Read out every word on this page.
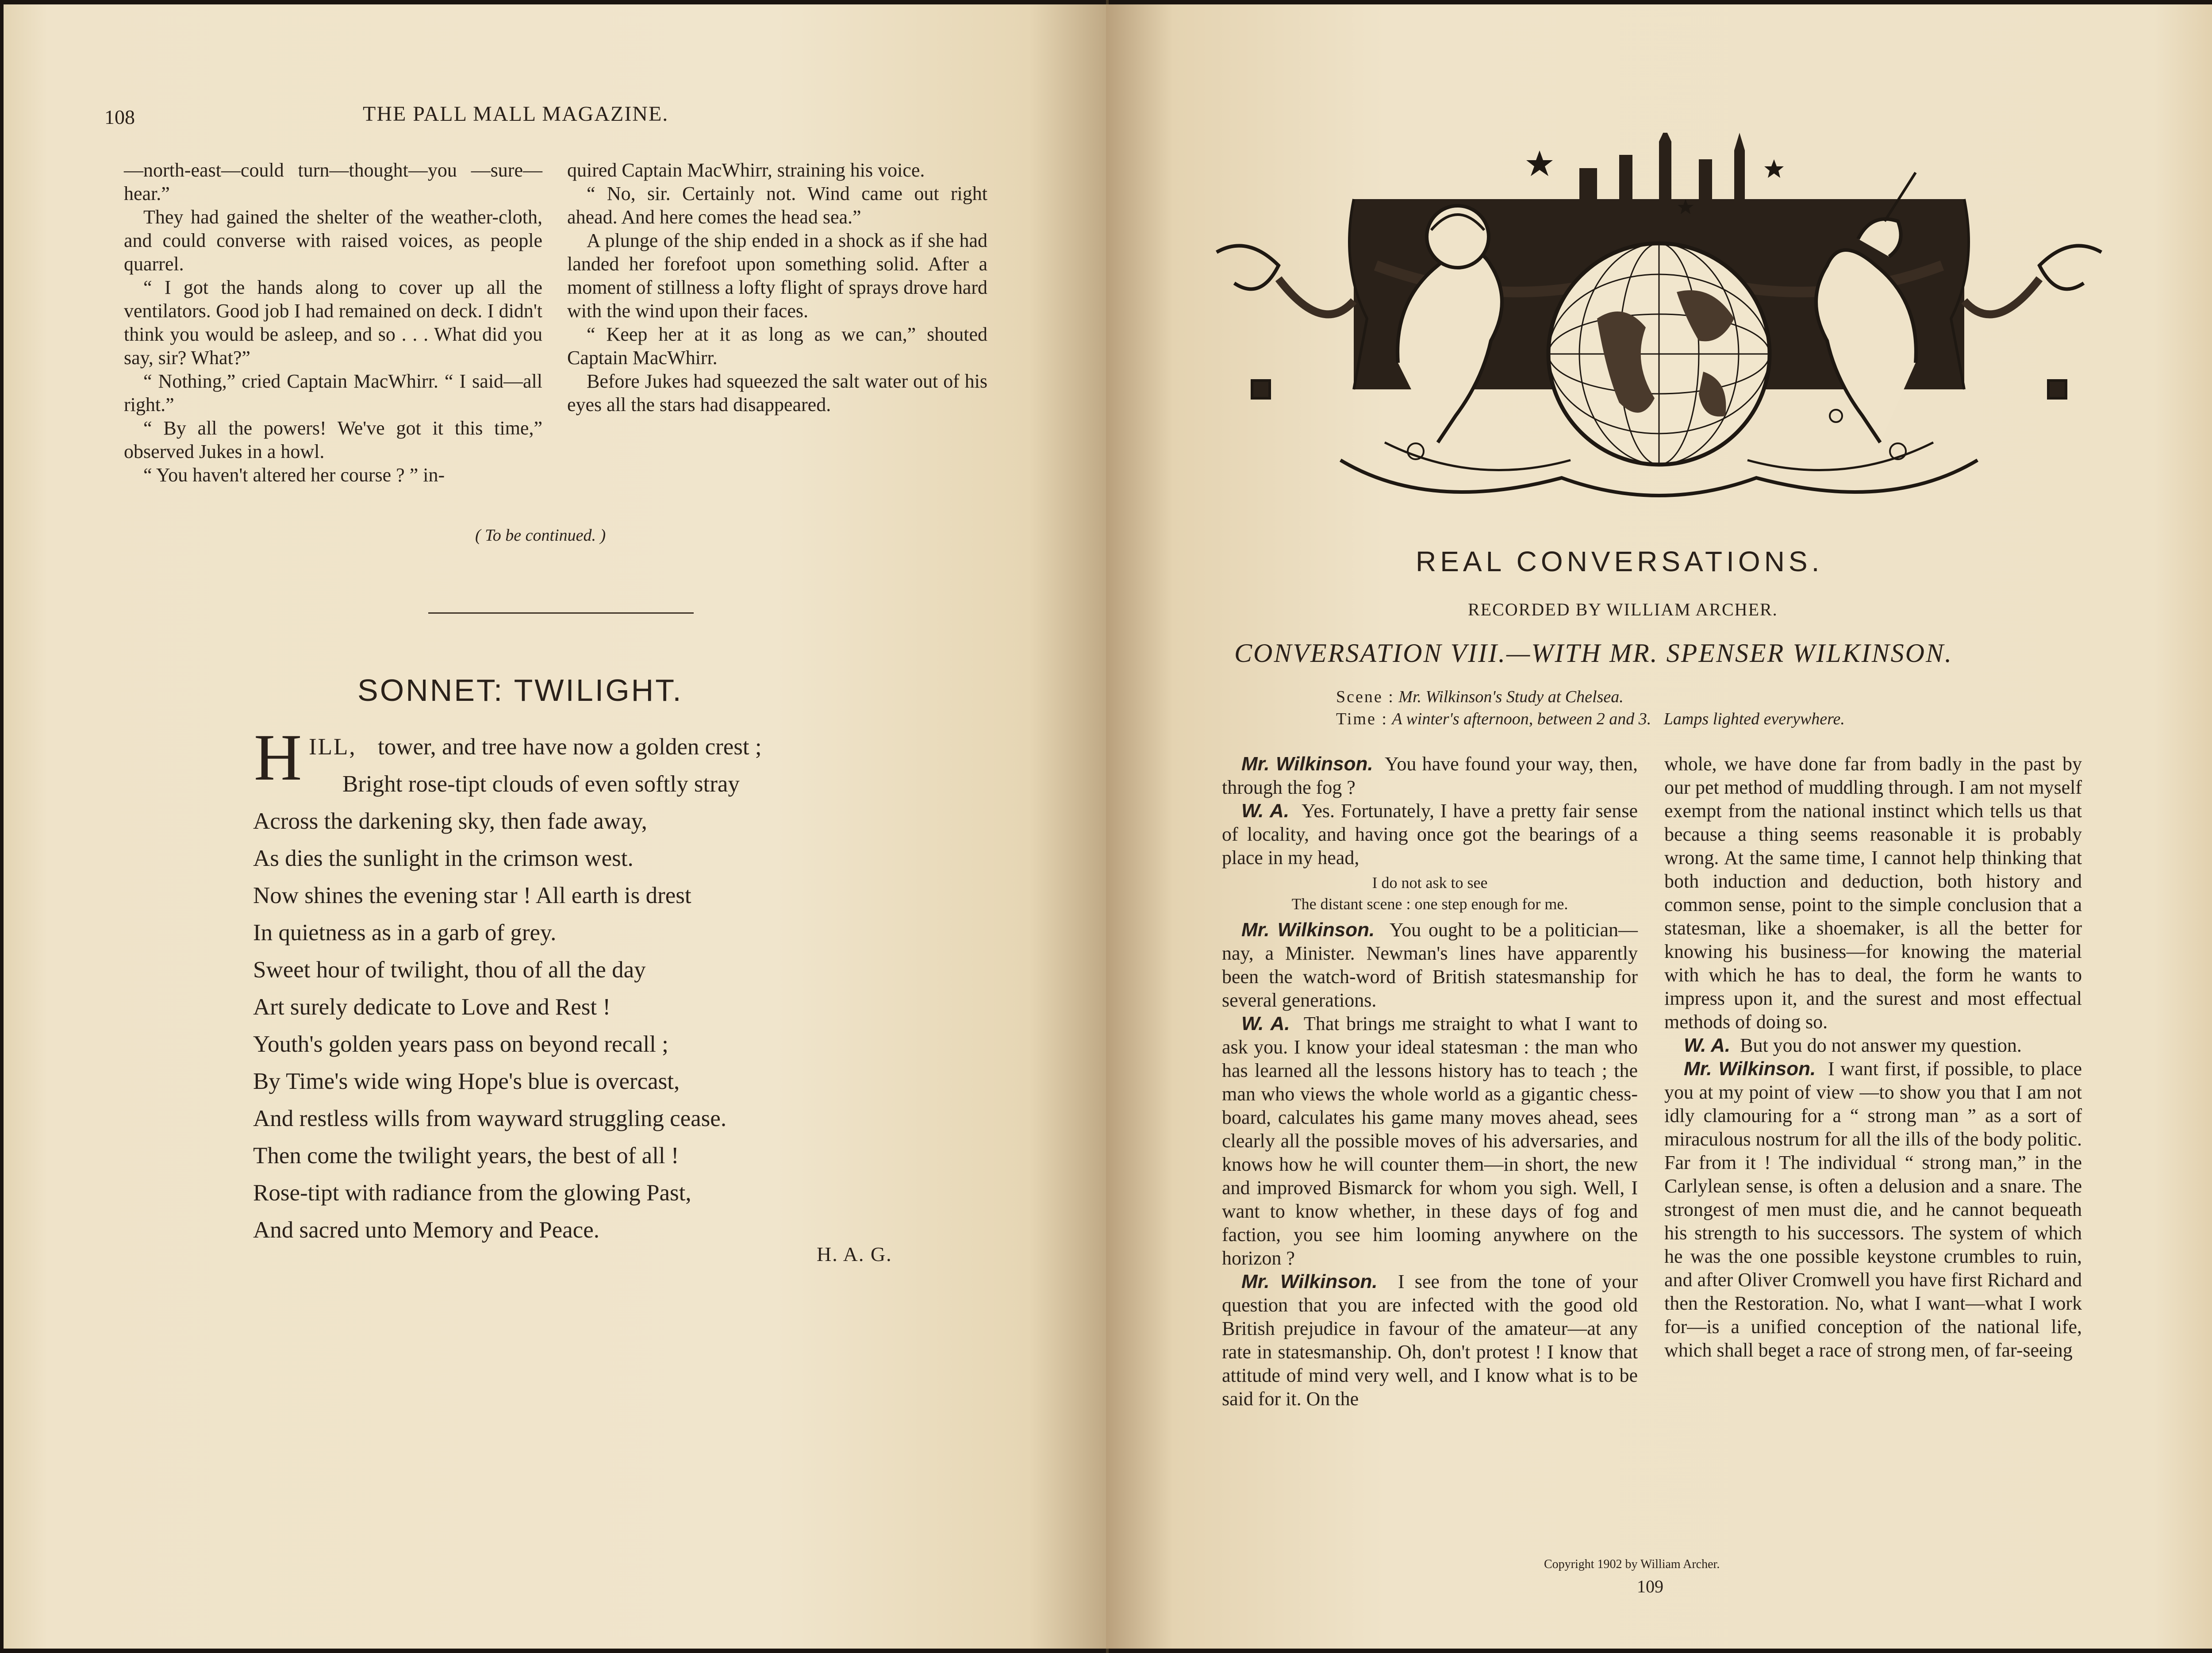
108	THE PALL MALL MAGAZINE.

—north-east—could turn—thought—you —sure—hear.”

They had gained the shelter of the weather-cloth, and could converse with raised voices, as people quarrel.

“ I got the hands along to cover up all the ventilators. Good job I had remained on deck. I didn't think you would be asleep, and so . . . What did you say, sir? What?”

“ Nothing,” cried Captain MacWhirr. “ I said—all right.”

“ By all the powers! We've got it this time,” observed Jukes in a howl.

“ You haven't altered her course ? ” in-

quired Captain MacWhirr, straining his voice.

“ No, sir. Certainly not. Wind came out right ahead. And here comes the head sea.”

A plunge of the ship ended in a shock as if she had landed her forefoot upon something solid. After a moment of stillness a lofty flight of sprays drove hard with the wind upon their faces.

“ Keep her at it as long as we can,” shouted Captain MacWhirr.

Before Jukes had squeezed the salt water out of his eyes all the stars had disappeared.

( To be continued. )
SONNET: TWILIGHT.
H ILL, tower, and tree have now a golden crest ;
Bright rose-tipt clouds of even softly stray
Across the darkening sky, then fade away,
As dies the sunlight in the crimson west.
Now shines the evening star ! All earth is drest
In quietness as in a garb of grey.
Sweet hour of twilight, thou of all the day
Art surely dedicate to Love and Rest !
Youth's golden years pass on beyond recall ;
By Time's wide wing Hope's blue is overcast,
And restless wills from wayward struggling cease.
Then come the twilight years, the best of all !
Rose-tipt with radiance from the glowing Past,
And sacred unto Memory and Peace.
H. A. G.
REAL CONVERSATIONS.
RECORDED BY WILLIAM ARCHER.
CONVERSATION VIII.—WITH MR. SPENSER WILKINSON.
Scene : Mr. Wilkinson's Study at Chelsea.
Time : A winter's afternoon, between 2 and 3. Lamps lighted everywhere.

Mr. Wilkinson. You have found your way, then, through the fog ?

W. A. Yes. Fortunately, I have a pretty fair sense of locality, and having once got the bearings of a place in my head,

I do not ask to see
The distant scene : one step enough for me.

Mr. Wilkinson. You ought to be a politician—nay, a Minister. Newman's lines have apparently been the watch-word of British statesmanship for several generations.

W. A. That brings me straight to what I want to ask you. I know your ideal statesman : the man who has learned all the lessons history has to teach ; the man who views the whole world as a gigantic chess-board, calculates his game many moves ahead, sees clearly all the possible moves of his adversaries, and knows how he will counter them—in short, the new and improved Bismarck for whom you sigh. Well, I want to know whether, in these days of fog and faction, you see him looming anywhere on the horizon ?

Mr. Wilkinson. I see from the tone of your question that you are infected with the good old British prejudice in favour of the amateur—at any rate in statesmanship. Oh, don't protest ! I know that attitude of mind very well, and I know what is to be said for it. On the

whole, we have done far from badly in the past by our pet method of muddling through. I am not myself exempt from the national instinct which tells us that because a thing seems reasonable it is probably wrong. At the same time, I cannot help thinking that both induction and deduction, both history and common sense, point to the simple conclusion that a statesman, like a shoemaker, is all the better for knowing his business—for knowing the material with which he has to deal, the form he wants to impress upon it, and the surest and most effectual methods of doing so.

W. A. But you do not answer my question.

Mr. Wilkinson. I want first, if possible, to place you at my point of view —to show you that I am not idly clamouring for a “ strong man ” as a sort of miraculous nostrum for all the ills of the body politic. Far from it ! The individual “ strong man,” in the Carlylean sense, is often a delusion and a snare. The strongest of men must die, and he cannot bequeath his strength to his successors. The system of which he was the one possible keystone crumbles to ruin, and after Oliver Cromwell you have first Richard and then the Restoration. No, what I want—what I work for—is a unified conception of the national life, which shall beget a race of strong men, of far-seeing

Copyright 1902 by William Archer.
109
